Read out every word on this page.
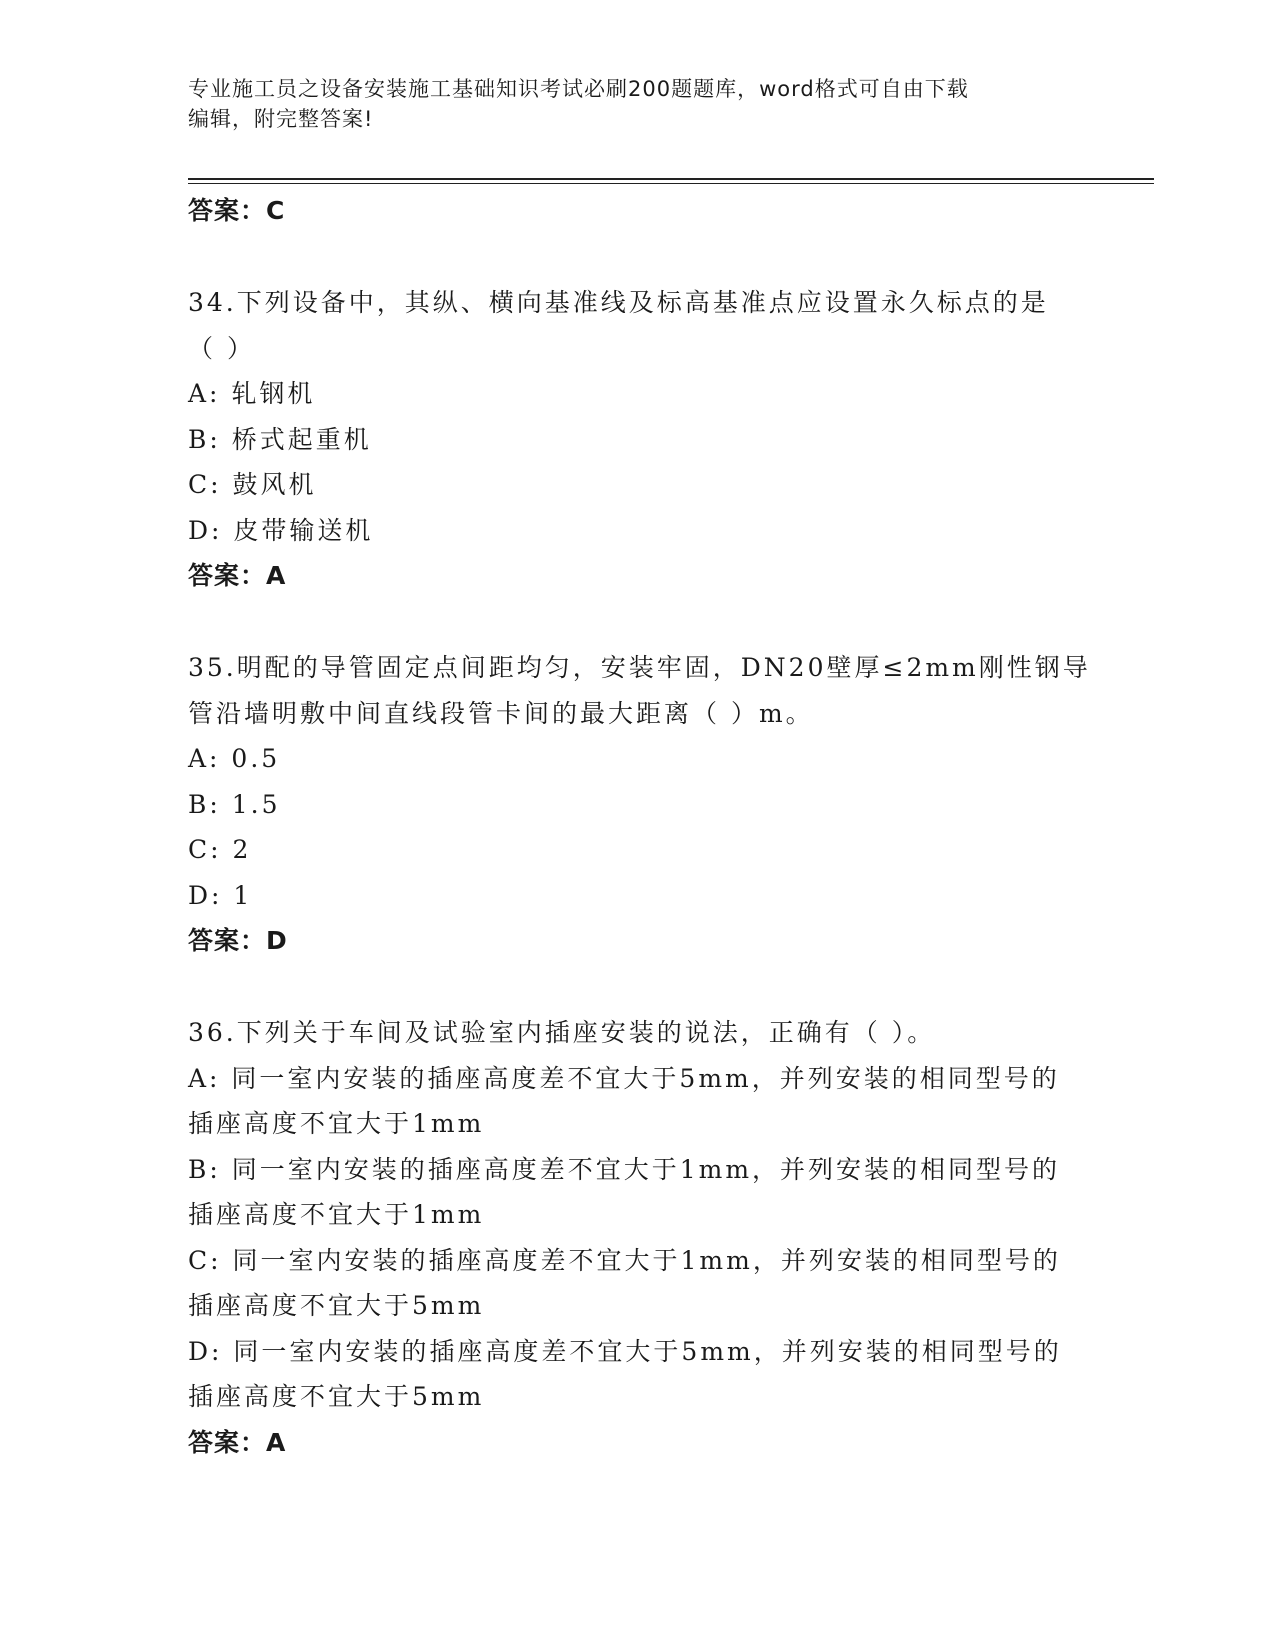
专业施工员之设备安装施工基础知识考试必刷200题题库，word格式可自由下载
编辑，附完整答案!
答案：C
34.下列设备中，其纵、横向基准线及标高基准点应设置永久标点的是
（ ）
A: 轧钢机
B: 桥式起重机
C: 鼓风机
D: 皮带输送机
答案：A
35.明配的导管固定点间距均匀，安装牢固，DN20壁厚≤2mm刚性钢导
管沿墙明敷中间直线段管卡间的最大距离（ ）m。
A: 0.5
B: 1.5
C: 2
D: 1
答案：D
36.下列关于车间及试验室内插座安装的说法，正确有（ ）。
A: 同一室内安装的插座高度差不宜大于5mm，并列安装的相同型号的
插座高度不宜大于1mm
B: 同一室内安装的插座高度差不宜大于1mm，并列安装的相同型号的
插座高度不宜大于1mm
C: 同一室内安装的插座高度差不宜大于1mm，并列安装的相同型号的
插座高度不宜大于5mm
D: 同一室内安装的插座高度差不宜大于5mm，并列安装的相同型号的
插座高度不宜大于5mm
答案：A
